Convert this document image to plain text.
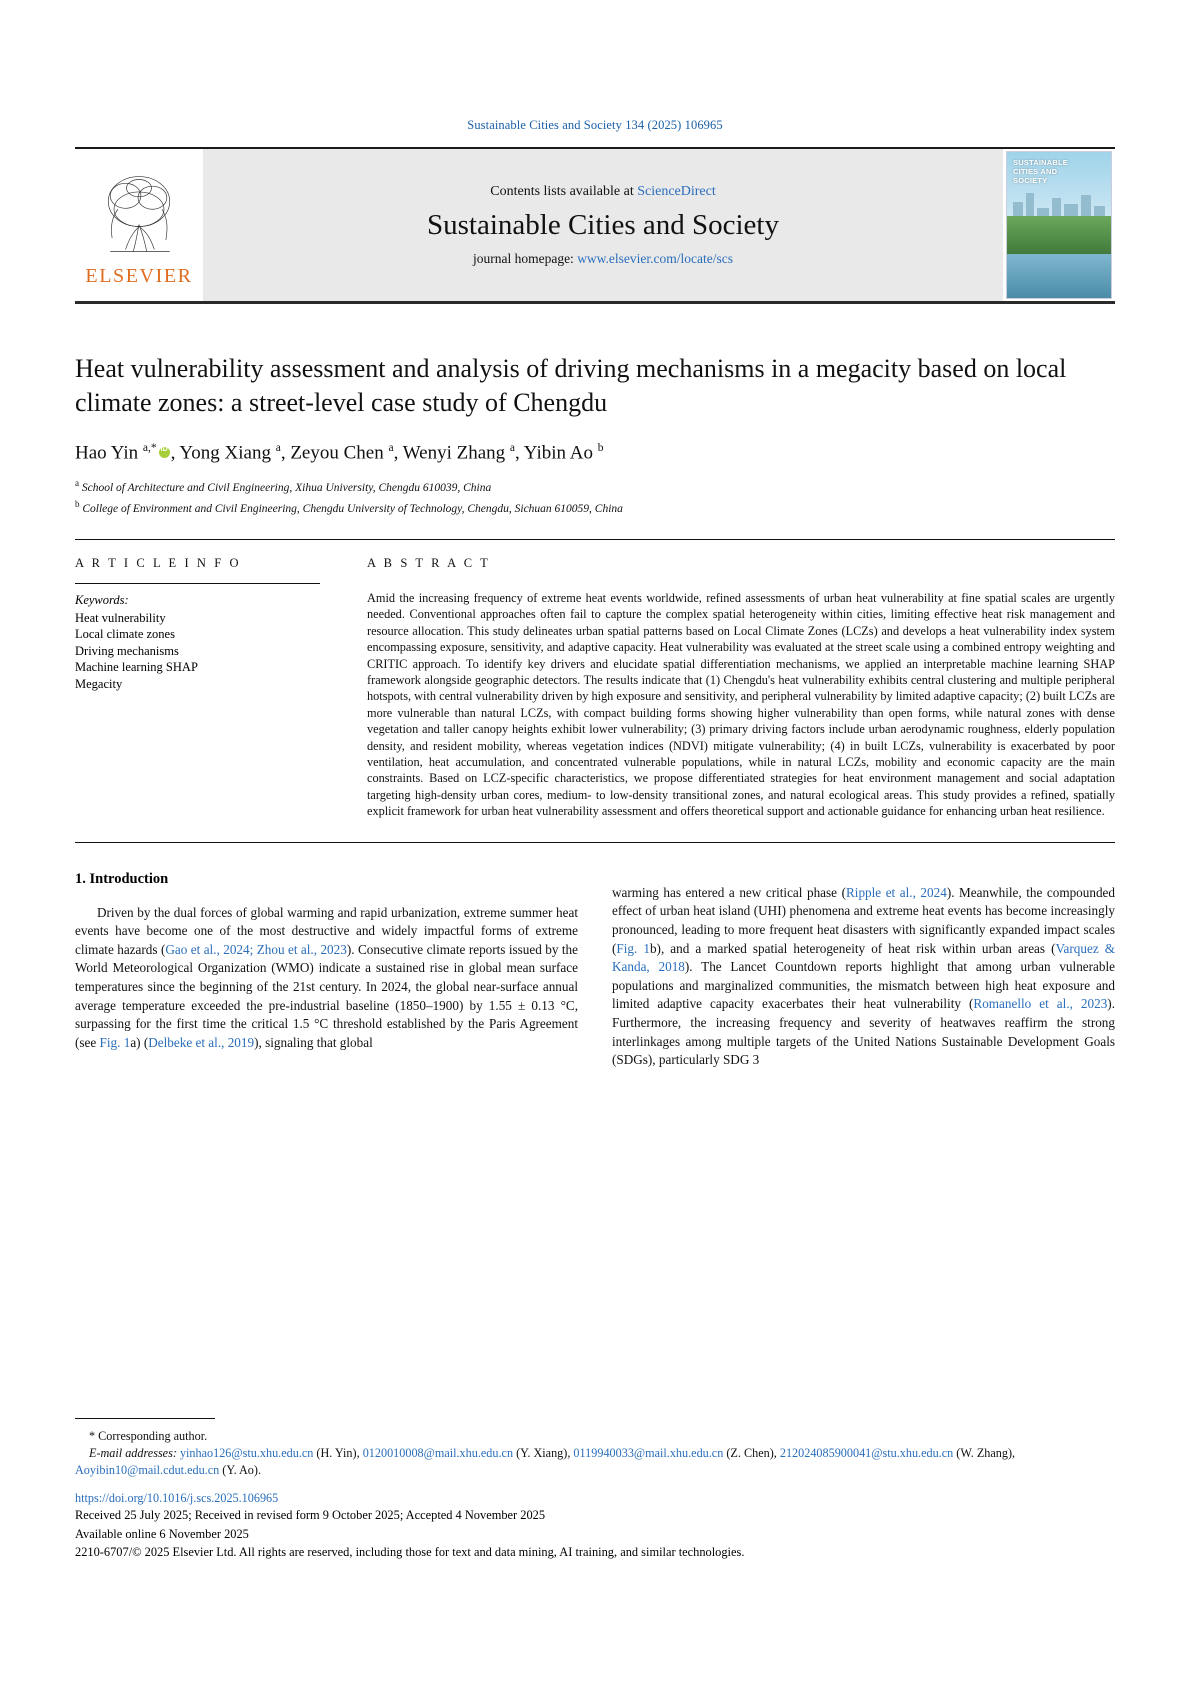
Sustainable Cities and Society 134 (2025) 106965
ELSEVIER
Contents lists available at ScienceDirect
Sustainable Cities and Society
journal homepage: www.elsevier.com/locate/scs
SUSTAINABLE
CITIES AND
SOCIETY
Heat vulnerability assessment and analysis of driving mechanisms in a megacity based on local climate zones: a street-level case study of Chengdu
Hao Yin $^{a,*}$ iD , Yong Xiang $^a$, Zeyou Chen $^a$, Wenyi Zhang $^a$, Yibin Ao $^b$
$^a$ School of Architecture and Civil Engineering, Xihua University, Chengdu 610039, China
$^b$ College of Environment and Civil Engineering, Chengdu University of Technology, Chengdu, Sichuan 610059, China
A R T I C L E I N F O
Keywords:
Heat vulnerability
Local climate zones
Driving mechanisms
Machine learning SHAP
Megacity
A B S T R A C T
Amid the increasing frequency of extreme heat events worldwide, refined assessments of urban heat vulnerability at fine spatial scales are urgently needed. Conventional approaches often fail to capture the complex spatial heterogeneity within cities, limiting effective heat risk management and resource allocation. This study delineates urban spatial patterns based on Local Climate Zones (LCZs) and develops a heat vulnerability index system encompassing exposure, sensitivity, and adaptive capacity. Heat vulnerability was evaluated at the street scale using a combined entropy weighting and CRITIC approach. To identify key drivers and elucidate spatial differentiation mechanisms, we applied an interpretable machine learning SHAP framework alongside geographic detectors. The results indicate that (1) Chengdu's heat vulnerability exhibits central clustering and multiple peripheral hotspots, with central vulnerability driven by high exposure and sensitivity, and peripheral vulnerability by limited adaptive capacity; (2) built LCZs are more vulnerable than natural LCZs, with compact building forms showing higher vulnerability than open forms, while natural zones with dense vegetation and taller canopy heights exhibit lower vulnerability; (3) primary driving factors include urban aerodynamic roughness, elderly population density, and resident mobility, whereas vegetation indices (NDVI) mitigate vulnerability; (4) in built LCZs, vulnerability is exacerbated by poor ventilation, heat accumulation, and concentrated vulnerable populations, while in natural LCZs, mobility and economic capacity are the main constraints. Based on LCZ-specific characteristics, we propose differentiated strategies for heat environment management and social adaptation targeting high-density urban cores, medium- to low-density transitional zones, and natural ecological areas. This study provides a refined, spatially explicit framework for urban heat vulnerability assessment and offers theoretical support and actionable guidance for enhancing urban heat resilience.
1. Introduction

Driven by the dual forces of global warming and rapid urbanization, extreme summer heat events have become one of the most destructive and widely impactful forms of extreme climate hazards (Gao et al., 2024; Zhou et al., 2023). Consecutive climate reports issued by the World Meteorological Organization (WMO) indicate a sustained rise in global mean surface temperatures since the beginning of the 21st century. In 2024, the global near-surface annual average temperature exceeded the pre-industrial baseline (1850–1900) by 1.55 ± 0.13 °C, surpassing for the first time the critical 1.5 °C threshold established by the Paris Agreement (see Fig. 1a) (Delbeke et al., 2019), signaling that global

warming has entered a new critical phase (Ripple et al., 2024). Meanwhile, the compounded effect of urban heat island (UHI) phenomena and extreme heat events has become increasingly pronounced, leading to more frequent heat disasters with significantly expanded impact scales (Fig. 1b), and a marked spatial heterogeneity of heat risk within urban areas (Varquez & Kanda, 2018). The Lancet Countdown reports highlight that among urban vulnerable populations and marginalized communities, the mismatch between high heat exposure and limited adaptive capacity exacerbates their heat vulnerability (Romanello et al., 2023). Furthermore, the increasing frequency and severity of heatwaves reaffirm the strong interlinkages among multiple targets of the United Nations Sustainable Development Goals (SDGs), particularly SDG 3

* Corresponding author.
E-mail addresses: yinhao126@stu.xhu.edu.cn (H. Yin), 0120010008@mail.xhu.edu.cn (Y. Xiang), 0119940033@mail.xhu.edu.cn (Z. Chen), 212024085900041@stu.xhu.edu.cn (W. Zhang), Aoyibin10@mail.cdut.edu.cn (Y. Ao).
https://doi.org/10.1016/j.scs.2025.106965
Received 25 July 2025; Received in revised form 9 October 2025; Accepted 4 November 2025
Available online 6 November 2025
2210-6707/© 2025 Elsevier Ltd. All rights are reserved, including those for text and data mining, AI training, and similar technologies.
